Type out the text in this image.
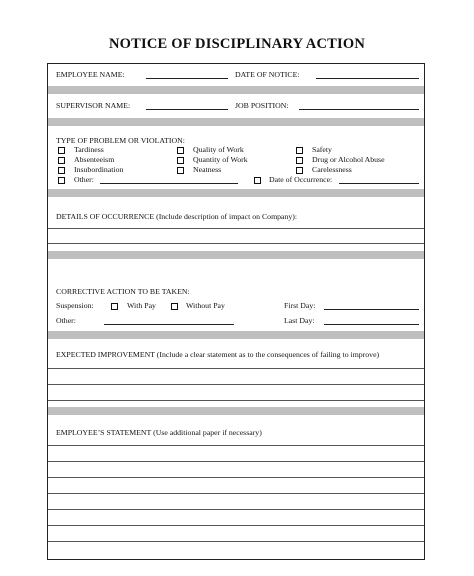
NOTICE OF DISCIPLINARY ACTION
EMPLOYEE NAME:	DATE OF NOTICE:
SUPERVISOR NAME:	JOB POSITION:
TYPE OF PROBLEM OR VIOLATION:
Tardiness	Quality of Work	Safety
Absenteeism	Quantity of Work	Drug or Alcohol Abuse
Insubordination	Neatness	Carelessness
Other:	Date of Occurrence:
DETAILS OF OCCURRENCE (Include description of impact on Company):
CORRECTIVE ACTION TO BE TAKEN:
Suspension:	With Pay	Without Pay	First Day:
Other:	Last Day:
EXPECTED IMPROVEMENT (Include a clear statement as to the consequences of failing to improve)
EMPLOYEE’S STATEMENT (Use additional paper if necessary)
